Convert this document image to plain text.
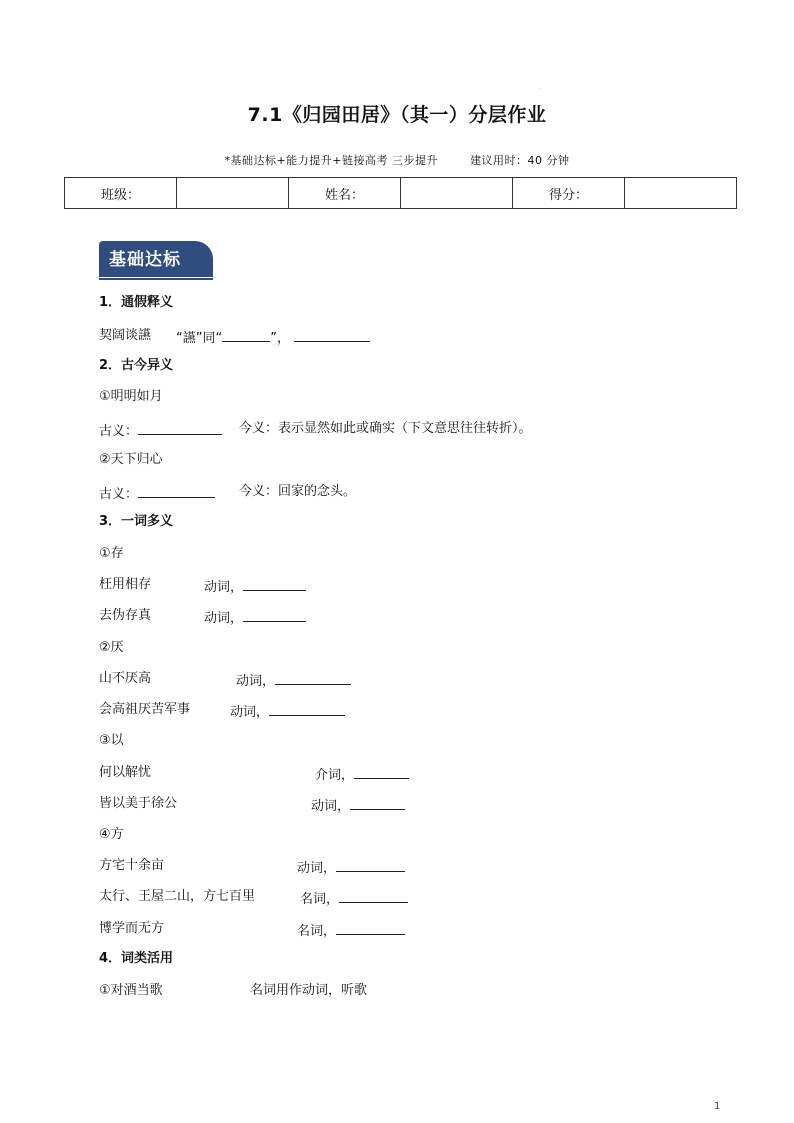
·
7.1《归园田居》（其一）分层作业
*基础达标+能力提升+链接高考 三步提升	建议用时：40 分钟
班级：		姓名：		得分：	
基础达标
1．通假释义
契阔谈讌 “讌”同“	”，
2．古今异义
①明明如月
古义：	今义：表示显然如此或确实（下文意思往往转折）。
②天下归心
古义：	今义：回家的念头。
3．一词多义
①存
枉用相存	动词，
去伪存真	动词，
②厌
山不厌高	动词，
会高祖厌苦军事	动词，
③以
何以解忧	介词，
皆以美于徐公	动词，
④方
方宅十余亩	动词，
太行、王屋二山，方七百里	名词，
博学而无方	名词，
4．词类活用
①对酒当歌	名词用作动词，听歌
1
